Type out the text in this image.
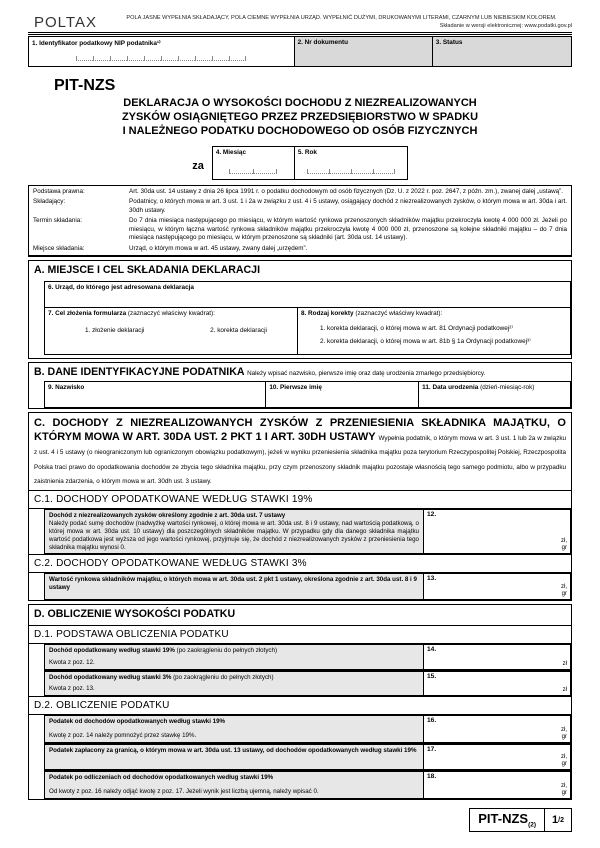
POLTAX	POLA JASNE WYPEŁNIA SKŁADAJĄCY, POLA CIEMNE WYPEŁNIA URZĄD. WYPEŁNIĆ DUŻYMI, DRUKOWANYMI LITERAMI, CZARNYM LUB NIEBIESKIM KOLOREM.
Składanie w wersji elektronicznej: www.podatki.gov.pl
1. Identyfikator podatkowy NIP podatnika¹⁾	2. Nr dokumentu	3. Status
PIT-NZS
DEKLARACJA O WYSOKOŚCI DOCHODU Z NIEZREALIZOWANYCH
ZYSKÓW OSIĄGNIĘTEGO PRZEZ PRZEDSIĘBIORSTWO W SPADKU
I NALEŻNEGO PODATKU DOCHODOWEGO OD OSÓB FIZYCZNYCH
za
4. Miesiąc	5. Rok
Podstawa prawna:	Art. 30da ust. 14 ustawy z dnia 26 lipca 1991 r. o podatku dochodowym od osób fizycznych (Dz. U. z 2022 r. poz. 2647, z późn. zm.), zwanej dalej „ustawą”.
Składający:	Podatnicy, o których mowa w art. 3 ust. 1 i 2a w związku z ust. 4 i 5 ustawy, osiągający dochód z niezrealizowanych zysków, o którym mowa w art. 30da i art. 30dh ustawy.
Termin składania:	Do 7 dnia miesiąca następującego po miesiącu, w którym wartość rynkowa przenoszonych składników majątku przekroczyła kwotę 4 000 000 zł. Jeżeli po miesiącu, w którym łączna wartość rynkowa składników majątku przekroczyła kwotę 4 000 000 zł, przenoszone są kolejne składniki majątku – do 7 dnia miesiąca następującego po miesiącu, w którym przenoszone są składniki (art. 30da ust. 14 ustawy).
Miejsce składania:	Urząd, o którym mowa w art. 45 ustawy, zwany dalej „urzędem”.
A. MIEJSCE I CEL SKŁADANIA DEKLARACJI
6. Urząd, do którego jest adresowana deklaracja
7. Cel złożenia formularza (zaznaczyć właściwy kwadrat):
1. złożenie deklaracji	2. korekta deklaracji
8. Rodzaj korekty (zaznaczyć właściwy kwadrat):
1. korekta deklaracji, o której mowa w art. 81 Ordynacji podatkowej²⁾
2. korekta deklaracji, o której mowa w art. 81b § 1a Ordynacji podatkowej³⁾
B. DANE IDENTYFIKACYJNE PODATNIKA Należy wpisać nazwisko, pierwsze imię oraz datę urodzenia zmarłego przedsiębiorcy.
9. Nazwisko	10. Pierwsze imię	11. Data urodzenia (dzień-miesiąc-rok)
C. DOCHODY Z NIEZREALIZOWANYCH ZYSKÓW Z PRZENIESIENIA SKŁADNIKA MAJĄTKU, O KTÓRYM MOWA W ART. 30DA UST. 2 PKT 1 I ART. 30DH USTAWY Wypełnia podatnik, o którym mowa w art. 3 ust. 1 lub 2a w związku z ust. 4 i 5 ustawy (o nieograniczonym lub ograniczonym obowiązku podatkowym), jeżeli w wyniku przeniesienia składnika majątku poza terytorium Rzeczypospolitej Polskiej, Rzeczpospolita Polska traci prawo do opodatkowania dochodów ze zbycia tego składnika majątku, przy czym przenoszony składnik majątku pozostaje własnością tego samego podmiotu, albo w przypadku zaistnienia zdarzenia, o którym mowa w art. 30dh ust. 3 ustawy.
C.1. DOCHODY OPODATKOWANE WEDŁUG STAWKI 19%
Dochód z niezrealizowanych zysków określony zgodnie z art. 30da ust. 7 ustawy
Należy podać sumę dochodów (nadwyżkę wartości rynkowej, o której mowa w art. 30da ust. 8 i 9 ustawy, nad wartością podatkową, o której mowa w art. 30da ust. 10 ustawy) dla poszczególnych składników majątku. W przypadku gdy dla danego składnika majątku wartość podatkowa jest wyższa od jego wartości rynkowej, przyjmuje się, że dochód z niezrealizowanych zysków z przeniesienia tego składnika majątku wynosi 0.
12.
zł,
gr
C.2. DOCHODY OPODATKOWANE WEDŁUG STAWKI 3%
Wartość rynkowa składników majątku, o których mowa w art. 30da ust. 2 pkt 1 ustawy, określona zgodnie z art. 30da ust. 8 i 9 ustawy
13.
zł,
gr
D. OBLICZENIE WYSOKOŚCI PODATKU
D.1. PODSTAWA OBLICZENIA PODATKU
Dochód opodatkowany według stawki 19% (po zaokrągleniu do pełnych złotych)
Kwota z poz. 12.
14.
zł
Dochód opodatkowany według stawki 3% (po zaokrągleniu do pełnych złotych)
Kwota z poz. 13.
15.
zł
D.2. OBLICZENIE PODATKU
Podatek od dochodów opodatkowanych według stawki 19%
Kwotę z poz. 14 należy pomnożyć przez stawkę 19%.
16.
zł,
gr
Podatek zapłacony za granicą, o którym mowa w art. 30da ust. 13 ustawy, od dochodów opodatkowanych według stawki 19%	17.
zł,
gr
Podatek po odliczeniach od dochodów opodatkowanych według stawki 19%
Od kwoty z poz. 16 należy odjąć kwotę z poz. 17. Jeżeli wynik jest liczbą ujemną, należy wpisać 0.
18.
zł,
gr
PIT-$NZS_{(2)}$	1 /2
